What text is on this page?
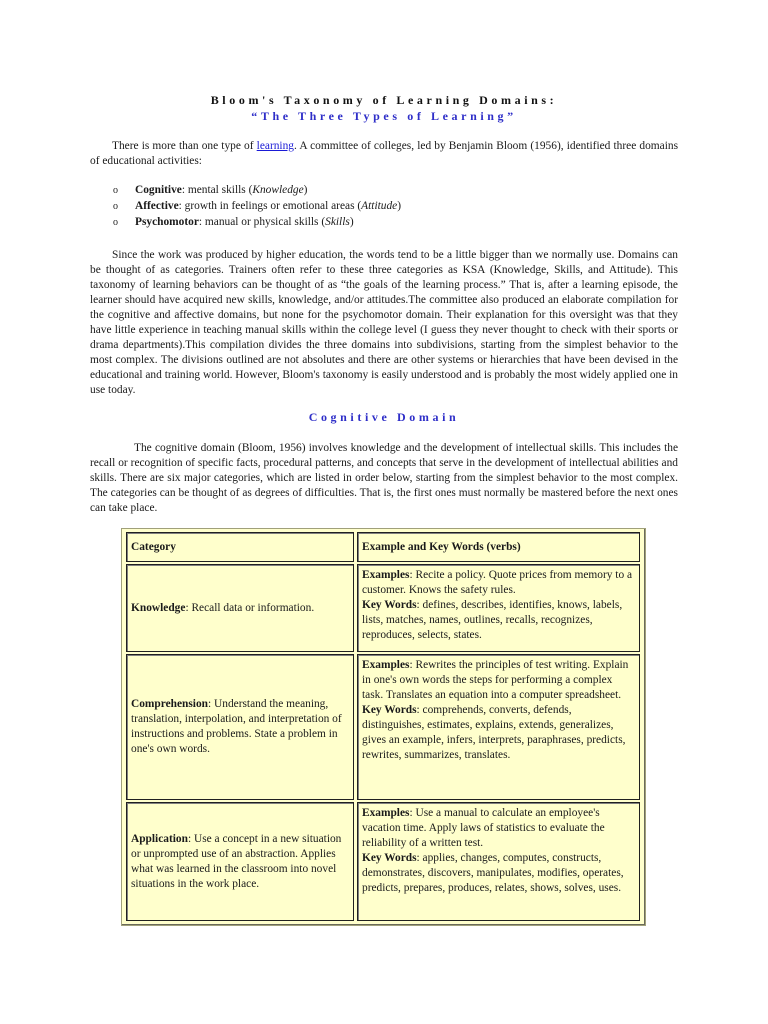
Bloom's Taxonomy of Learning Domains:
“The Three Types of Learning”

There is more than one type of learning. A committee of colleges, led by Benjamin Bloom (1956), identified three domains of educational activities:

o Cognitive: mental skills (Knowledge)
o Affective: growth in feelings or emotional areas (Attitude)
o Psychomotor: manual or physical skills (Skills)

Since the work was produced by higher education, the words tend to be a little bigger than we normally use. Domains can be thought of as categories. Trainers often refer to these three categories as KSA (Knowledge, Skills, and Attitude). This taxonomy of learning behaviors can be thought of as “the goals of the learning process.” That is, after a learning episode, the learner should have acquired new skills, knowledge, and/or attitudes.The committee also produced an elaborate compilation for the cognitive and affective domains, but none for the psychomotor domain. Their explanation for this oversight was that they have little experience in teaching manual skills within the college level (I guess they never thought to check with their sports or drama departments).This compilation divides the three domains into subdivisions, starting from the simplest behavior to the most complex. The divisions outlined are not absolutes and there are other systems or hierarchies that have been devised in the educational and training world. However, Bloom's taxonomy is easily understood and is probably the most widely applied one in use today.

Cognitive Domain

The cognitive domain (Bloom, 1956) involves knowledge and the development of intellectual skills. This includes the recall or recognition of specific facts, procedural patterns, and concepts that serve in the development of intellectual abilities and skills. There are six major categories, which are listed in order below, starting from the simplest behavior to the most complex. The categories can be thought of as degrees of difficulties. That is, the first ones must normally be mastered before the next ones can take place.

Category	Example and Key Words (verbs)
Knowledge: Recall data or information.
Examples: Recite a policy. Quote prices from memory to a customer. Knows the safety rules.
Key Words: defines, describes, identifies, knows, labels, lists, matches, names, outlines, recalls, recognizes, reproduces, selects, states.
Comprehension: Understand the meaning, translation, interpolation, and interpretation of instructions and problems. State a problem in one's own words.
Examples: Rewrites the principles of test writing. Explain in one's own words the steps for performing a complex task. Translates an equation into a computer spreadsheet.
Key Words: comprehends, converts, defends, distinguishes, estimates, explains, extends, generalizes, gives an example, infers, interprets, paraphrases, predicts, rewrites, summarizes, translates.
Application: Use a concept in a new situation or unprompted use of an abstraction. Applies what was learned in the classroom into novel situations in the work place.
Examples: Use a manual to calculate an employee's vacation time. Apply laws of statistics to evaluate the reliability of a written test.
Key Words: applies, changes, computes, constructs, demonstrates, discovers, manipulates, modifies, operates, predicts, prepares, produces, relates, shows, solves, uses.
